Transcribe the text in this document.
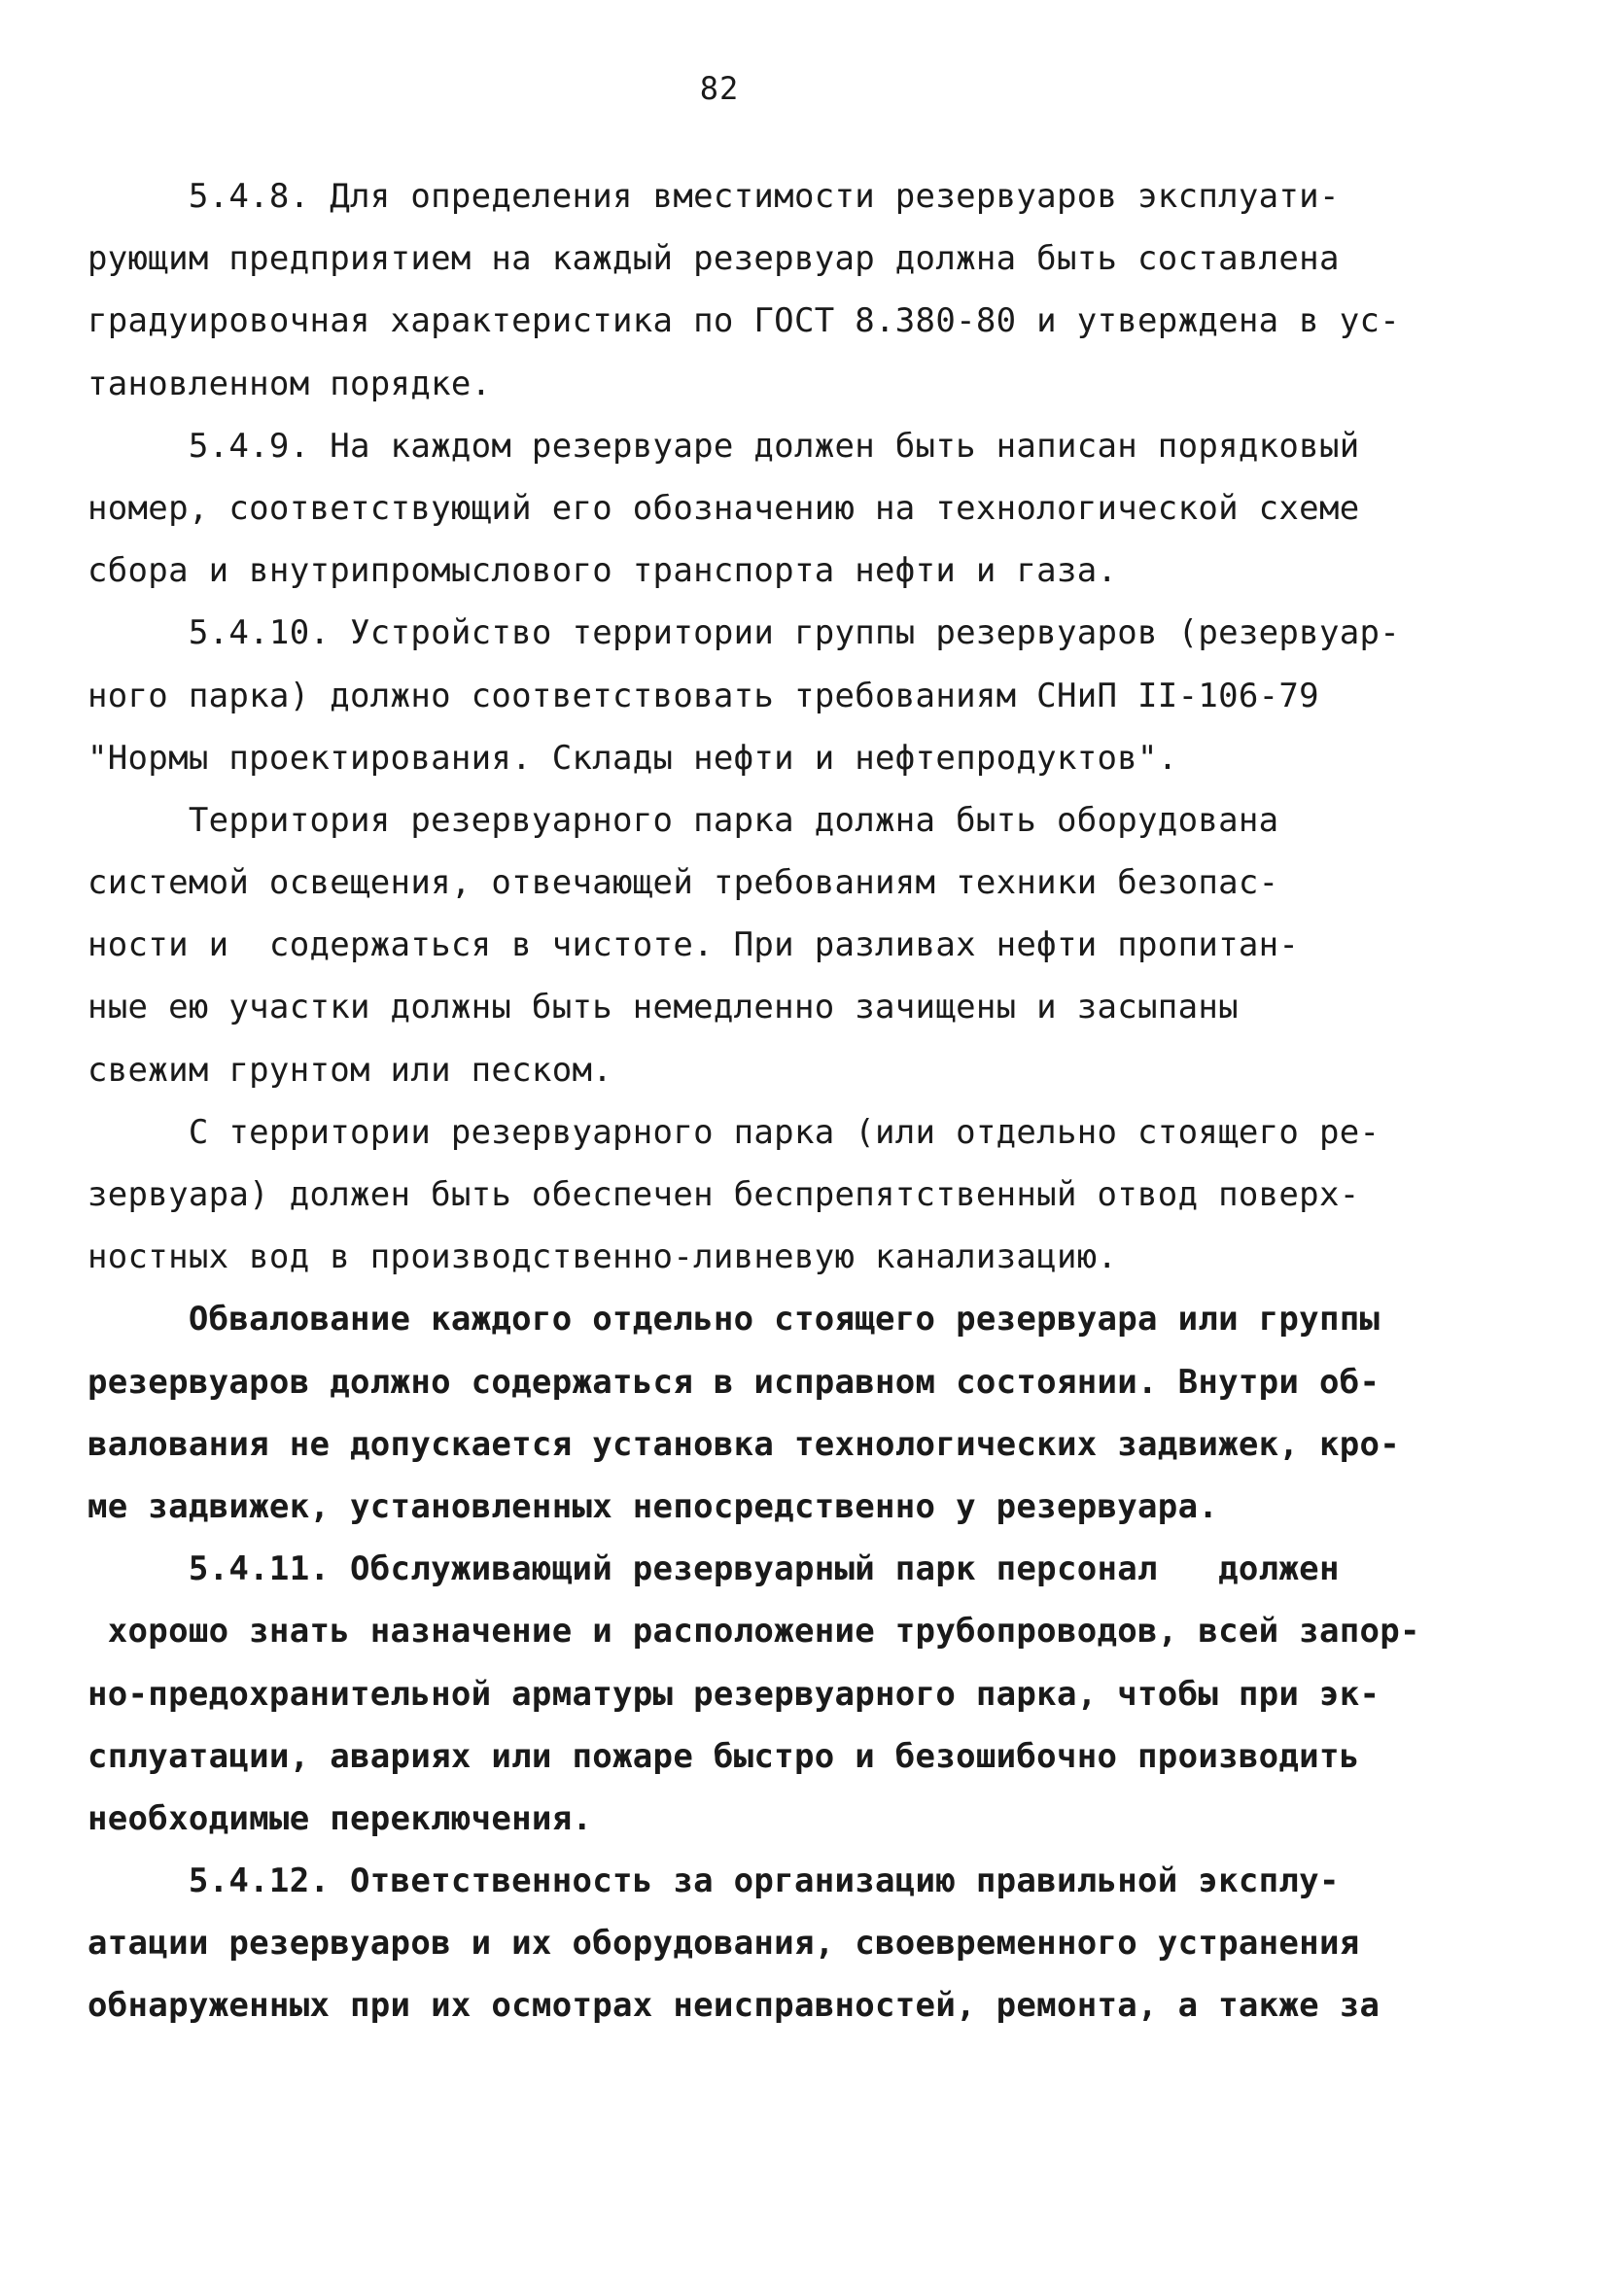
82
5.4.8. Для определения вместимости резервуаров эксплуати-
рующим предприятием на каждый резервуар должна быть составлена
градуировочная характеристика по ГОСТ 8.380-80 и утверждена в ус-
тановленном порядке.
5.4.9. На каждом резервуаре должен быть написан порядковый
номер, соответствующий его обозначению на технологической схеме
сбора и внутрипромыслового транспорта нефти и газа.
5.4.10. Устройство территории группы резервуаров (резервуар-
ного парка) должно соответствовать требованиям СНиП II-106-79
"Нормы проектирования. Склады нефти и нефтепродуктов".
Территория резервуарного парка должна быть оборудована
системой освещения, отвечающей требованиям техники безопас-
ности и  содержаться в чистоте. При разливах нефти пропитан-
ные ею участки должны быть немедленно зачищены и засыпаны
свежим грунтом или песком.
С территории резервуарного парка (или отдельно стоящего ре-
зервуара) должен быть обеспечен беспрепятственный отвод поверх-
ностных вод в производственно-ливневую канализацию.
Обвалование каждого отдельно стоящего резервуара или группы
резервуаров должно содержаться в исправном состоянии. Внутри об-
валования не допускается установка технологических задвижек, кро-
ме задвижек, установленных непосредственно у резервуара.
5.4.11. Обслуживающий резервуарный парк персонал   должен
хорошо знать назначение и расположение трубопроводов, всей запор-
но-предохранительной арматуры резервуарного парка, чтобы при эк-
сплуатации, авариях или пожаре быстро и безошибочно производить
необходимые переключения.
5.4.12. Ответственность за организацию правильной эксплу-
атации резервуаров и их оборудования, своевременного устранения
обнаруженных при их осмотрах неисправностей, ремонта, а также за
